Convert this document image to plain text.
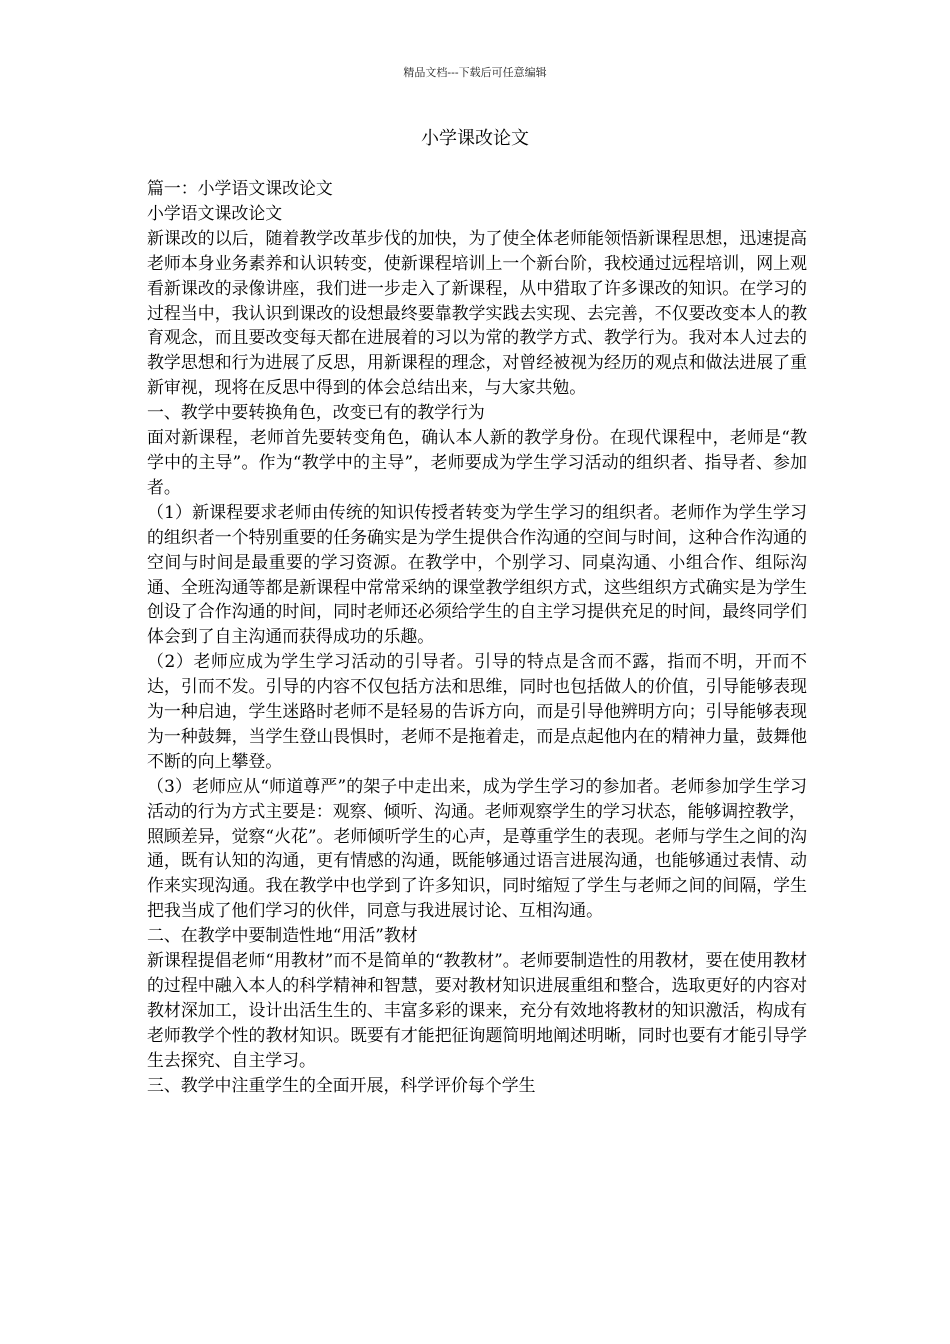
精品文档---下载后可任意编辑
小学课改论文

篇一：小学语文课改论文

小学语文课改论文

新课改的以后，随着教学改革步伐的加快，为了使全体老师能领悟新课程思想，迅速提高老师本身业务素养和认识转变，使新课程培训上一个新台阶，我校通过远程培训，网上观看新课改的录像讲座，我们进一步走入了新课程，从中猎取了许多课改的知识。在学习的过程当中，我认识到课改的设想最终要靠教学实践去实现、去完善，不仅要改变本人的教育观念，而且要改变每天都在进展着的习以为常的教学方式、教学行为。我对本人过去的教学思想和行为进展了反思，用新课程的理念，对曾经被视为经历的观点和做法进展了重新审视，现将在反思中得到的体会总结出来，与大家共勉。

一、教学中要转换角色，改变已有的教学行为

面对新课程，老师首先要转变角色，确认本人新的教学身份。在现代课程中，老师是“教学中的主导”。作为“教学中的主导”，老师要成为学生学习活动的组织者、指导者、参加者。

（1）新课程要求老师由传统的知识传授者转变为学生学习的组织者。老师作为学生学习的组织者一个特别重要的任务确实是为学生提供合作沟通的空间与时间，这种合作沟通的空间与时间是最重要的学习资源。在教学中，个别学习、同桌沟通、小组合作、组际沟通、全班沟通等都是新课程中常常采纳的课堂教学组织方式，这些组织方式确实是为学生创设了合作沟通的时间，同时老师还必须给学生的自主学习提供充足的时间，最终同学们体会到了自主沟通而获得成功的乐趣。

（2）老师应成为学生学习活动的引导者。引导的特点是含而不露，指而不明，开而不达，引而不发。引导的内容不仅包括方法和思维，同时也包括做人的价值，引导能够表现为一种启迪，学生迷路时老师不是轻易的告诉方向，而是引导他辨明方向；引导能够表现为一种鼓舞，当学生登山畏惧时，老师不是拖着走，而是点起他内在的精神力量，鼓舞他不断的向上攀登。

（3）老师应从“师道尊严”的架子中走出来，成为学生学习的参加者。老师参加学生学习活动的行为方式主要是：观察、倾听、沟通。老师观察学生的学习状态，能够调控教学，

照顾差异，觉察“火花”。老师倾听学生的心声，是尊重学生的表现。老师与学生之间的沟通，既有认知的沟通，更有情感的沟通，既能够通过语言进展沟通，也能够通过表情、动作来实现沟通。我在教学中也学到了许多知识，同时缩短了学生与老师之间的间隔，学生把我当成了他们学习的伙伴，同意与我进展讨论、互相沟通。

二、在教学中要制造性地“用活”教材

新课程提倡老师“用教材”而不是简单的“教教材”。老师要制造性的用教材，要在使用教材的过程中融入本人的科学精神和智慧，要对教材知识进展重组和整合，选取更好的内容对教材深加工，设计出活生生的、丰富多彩的课来，充分有效地将教材的知识激活，构成有老师教学个性的教材知识。既要有才能把征询题简明地阐述明晰，同时也要有才能引导学生去探究、自主学习。

三、教学中注重学生的全面开展，科学评价每个学生
